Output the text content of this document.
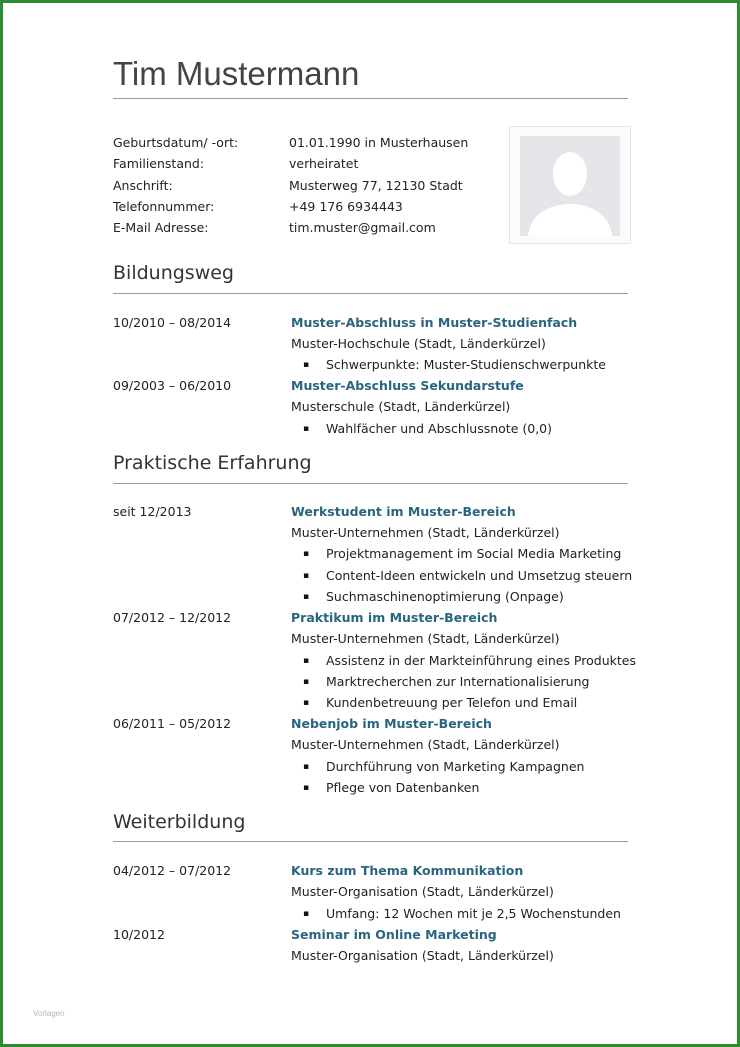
Tim Mustermann
Geburtsdatum/ -ort:	01.01.1990 in Musterhausen
Familienstand:	verheiratet
Anschrift:	Musterweg 77, 12130 Stadt
Telefonnummer:	+49 176 6934443
E-Mail Adresse:	tim.muster@gmail.com
Bildungsweg
10/2010 – 08/2014	Muster-Abschluss in Muster-Studienfach
Muster-Hochschule (Stadt, Länderkürzel)
▪ Schwerpunkte: Muster-Studienschwerpunkte
09/2003 – 06/2010	Muster-Abschluss Sekundarstufe
Musterschule (Stadt, Länderkürzel)
▪ Wahlfächer und Abschlussnote (0,0)
Praktische Erfahrung
seit 12/2013	Werkstudent im Muster-Bereich
Muster-Unternehmen (Stadt, Länderkürzel)
▪ Projektmanagement im Social Media Marketing
▪ Content-Ideen entwickeln und Umsetzug steuern
▪ Suchmaschinenoptimierung (Onpage)
07/2012 – 12/2012	Praktikum im Muster-Bereich
Muster-Unternehmen (Stadt, Länderkürzel)
▪ Assistenz in der Markteinführung eines Produktes
▪ Marktrecherchen zur Internationalisierung
▪ Kundenbetreuung per Telefon und Email
06/2011 – 05/2012	Nebenjob im Muster-Bereich
Muster-Unternehmen (Stadt, Länderkürzel)
▪ Durchführung von Marketing Kampagnen
▪ Pflege von Datenbanken
Weiterbildung
04/2012 – 07/2012	Kurs zum Thema Kommunikation
Muster-Organisation (Stadt, Länderkürzel)
▪ Umfang: 12 Wochen mit je 2,5 Wochenstunden
10/2012	Seminar im Online Marketing
Muster-Organisation (Stadt, Länderkürzel)
Vorlagen
